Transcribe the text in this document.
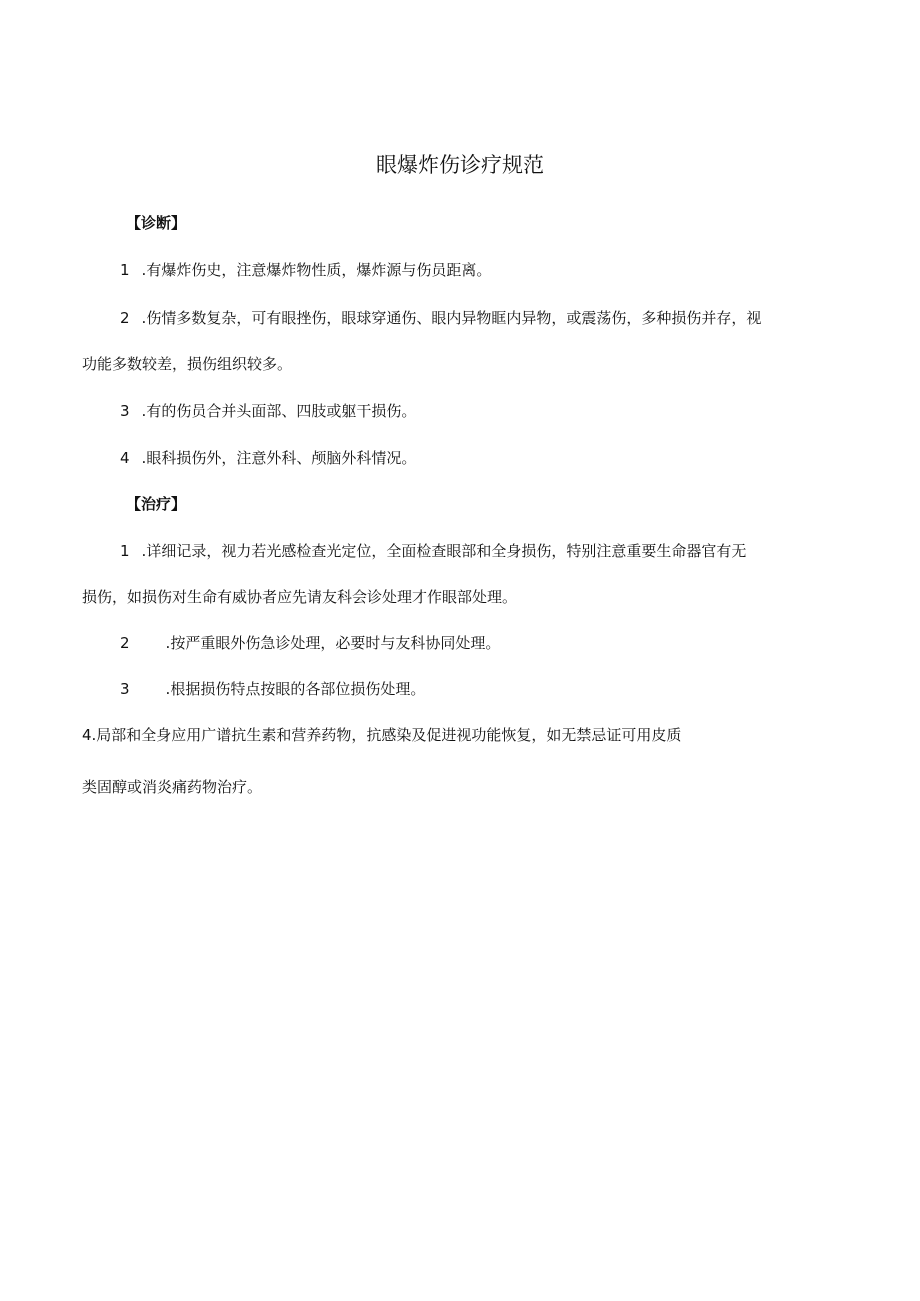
眼爆炸伤诊疗规范
【诊断】
1 .有爆炸伤史，注意爆炸物性质，爆炸源与伤员距离。
2 .伤情多数复杂，可有眼挫伤，眼球穿通伤、眼内异物眶内异物，或震荡伤，多种损伤并存，视
功能多数较差，损伤组织较多。
3 .有的伤员合并头面部、四肢或躯干损伤。
4 .眼科损伤外，注意外科、颅脑外科情况。
【治疗】
1 .详细记录，视力若光感检查光定位，全面检查眼部和全身损伤，特别注意重要生命器官有无
损伤，如损伤对生命有威协者应先请友科会诊处理才作眼部处理。
2 .按严重眼外伤急诊处理，必要时与友科协同处理。
3 .根据损伤特点按眼的各部位损伤处理。
4.局部和全身应用广谱抗生素和营养药物，抗感染及促进视功能恢复，如无禁忌证可用皮质
类固醇或消炎痛药物治疗。
